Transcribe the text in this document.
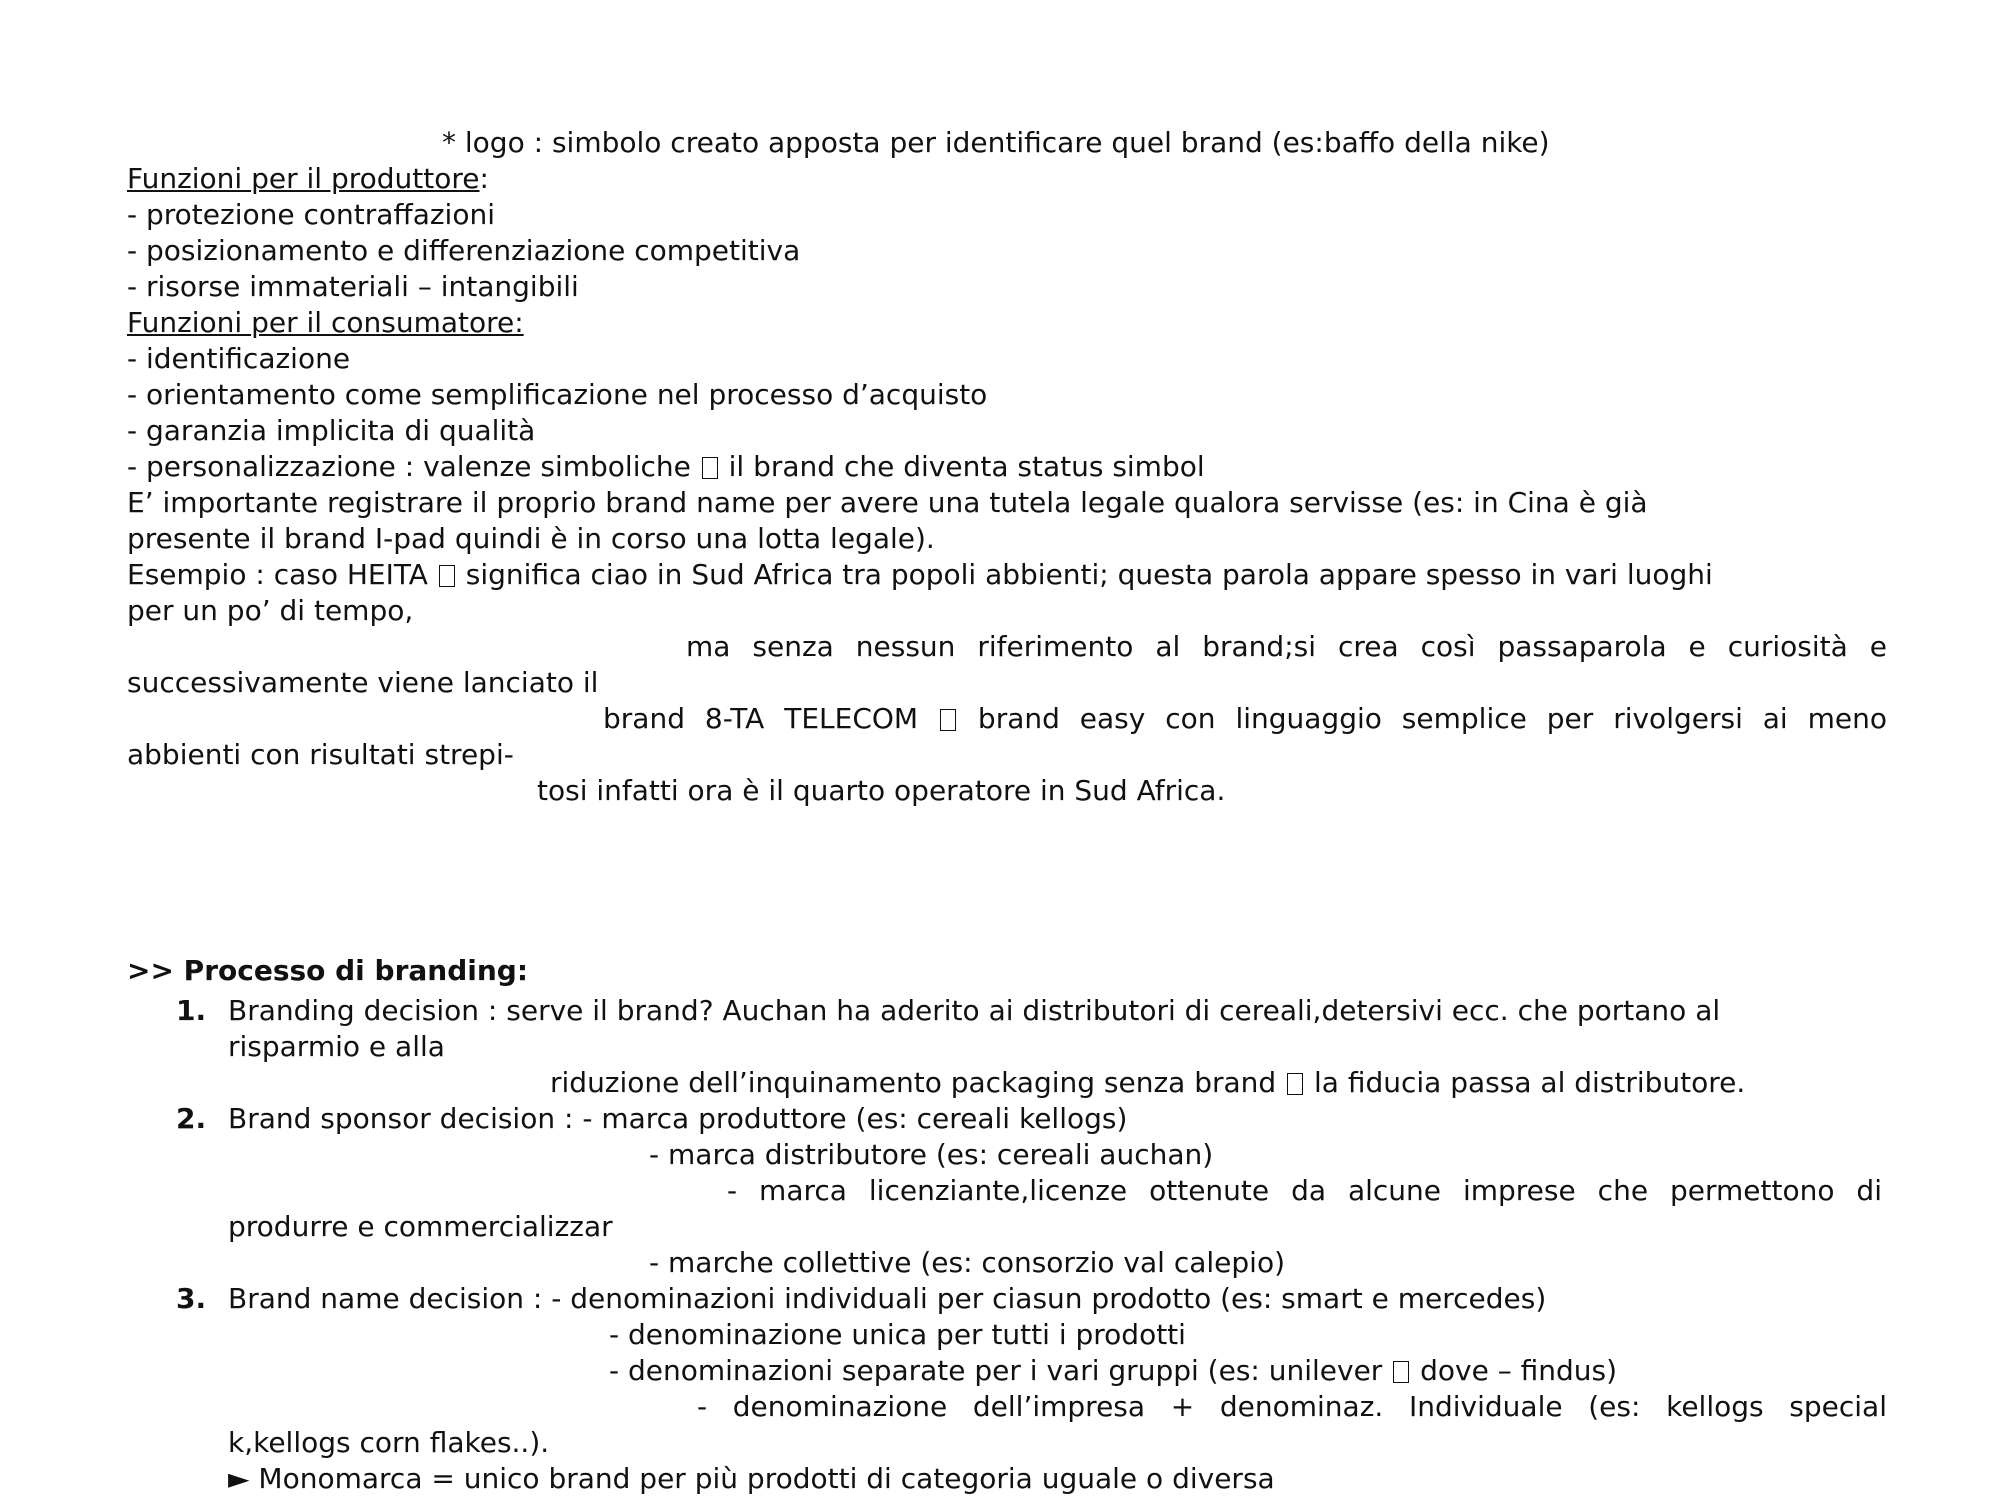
* logo : simbolo creato apposta per identificare quel brand (es:baffo della nike)
Funzioni per il produttore:
- protezione contraffazioni
- posizionamento e differenziazione competitiva
- risorse immateriali – intangibili
Funzioni per il consumatore:
- identificazione
- orientamento come semplificazione nel processo d’acquisto
- garanzia implicita di qualità
- personalizzazione : valenze simboliche il brand che diventa status simbol
E’ importante registrare il proprio brand name per avere una tutela legale qualora servisse (es: in Cina è già
presente il brand I-pad quindi è in corso una lotta legale).
Esempio : caso HEITA significa ciao in Sud Africa tra popoli abbienti; questa parola appare spesso in vari luoghi
per un po’ di tempo,
ma senza nessun riferimento al brand;si crea così passaparola e curiosità e
successivamente viene lanciato il
brand 8-TA TELECOM brand easy con linguaggio semplice per rivolgersi ai meno
abbienti con risultati strepi-
tosi infatti ora è il quarto operatore in Sud Africa.
>> Processo di branding:
1. Branding decision : serve il brand? Auchan ha aderito ai distributori di cereali,detersivi ecc. che portano al
risparmio e alla
riduzione dell’inquinamento packaging senza brand la fiducia passa al distributore.
2. Brand sponsor decision : - marca produttore (es: cereali kellogs)
- marca distributore (es: cereali auchan)
- marca licenziante,licenze ottenute da alcune imprese che permettono di
produrre e commercializzar
- marche collettive (es: consorzio val calepio)
3. Brand name decision : - denominazioni individuali per ciasun prodotto (es: smart e mercedes)
- denominazione unica per tutti i prodotti
- denominazioni separate per i vari gruppi (es: unilever dove – findus)
- denominazione dell’impresa + denominaz. Individuale (es: kellogs special
k,kellogs corn flakes..).
► Monomarca = unico brand per più prodotti di categoria uguale o diversa
